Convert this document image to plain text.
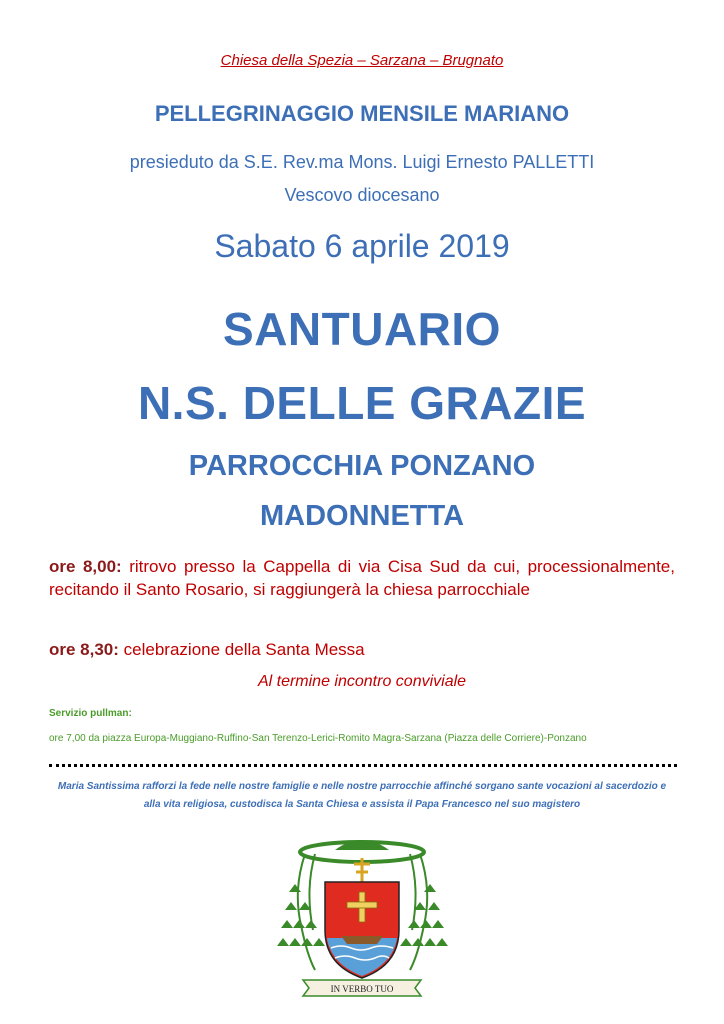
Chiesa della Spezia – Sarzana – Brugnato
PELLEGRINAGGIO MENSILE MARIANO
presieduto da S.E. Rev.ma Mons. Luigi Ernesto PALLETTI
Vescovo diocesano
Sabato 6 aprile 2019
SANTUARIO
N.S. DELLE GRAZIE
PARROCCHIA PONZANO
MADONNETTA
ore 8,00: ritrovo presso la Cappella di via Cisa Sud da cui, processionalmente, recitando il Santo Rosario, si raggiungerà la chiesa parrocchiale
ore 8,30: celebrazione della Santa Messa
Al termine incontro conviviale
Servizio pullman:
ore 7,00 da piazza Europa-Muggiano-Ruffino-San Terenzo-Lerici-Romito Magra-Sarzana (Piazza delle Corriere)-Ponzano
Maria Santissima rafforzi la fede nelle nostre famiglie e nelle nostre parrocchie affinché sorgano sante vocazioni al sacerdozio e alla vita religiosa, custodisca la Santa Chiesa e assista il Papa Francesco nel suo magistero
IN VERBO TUO
